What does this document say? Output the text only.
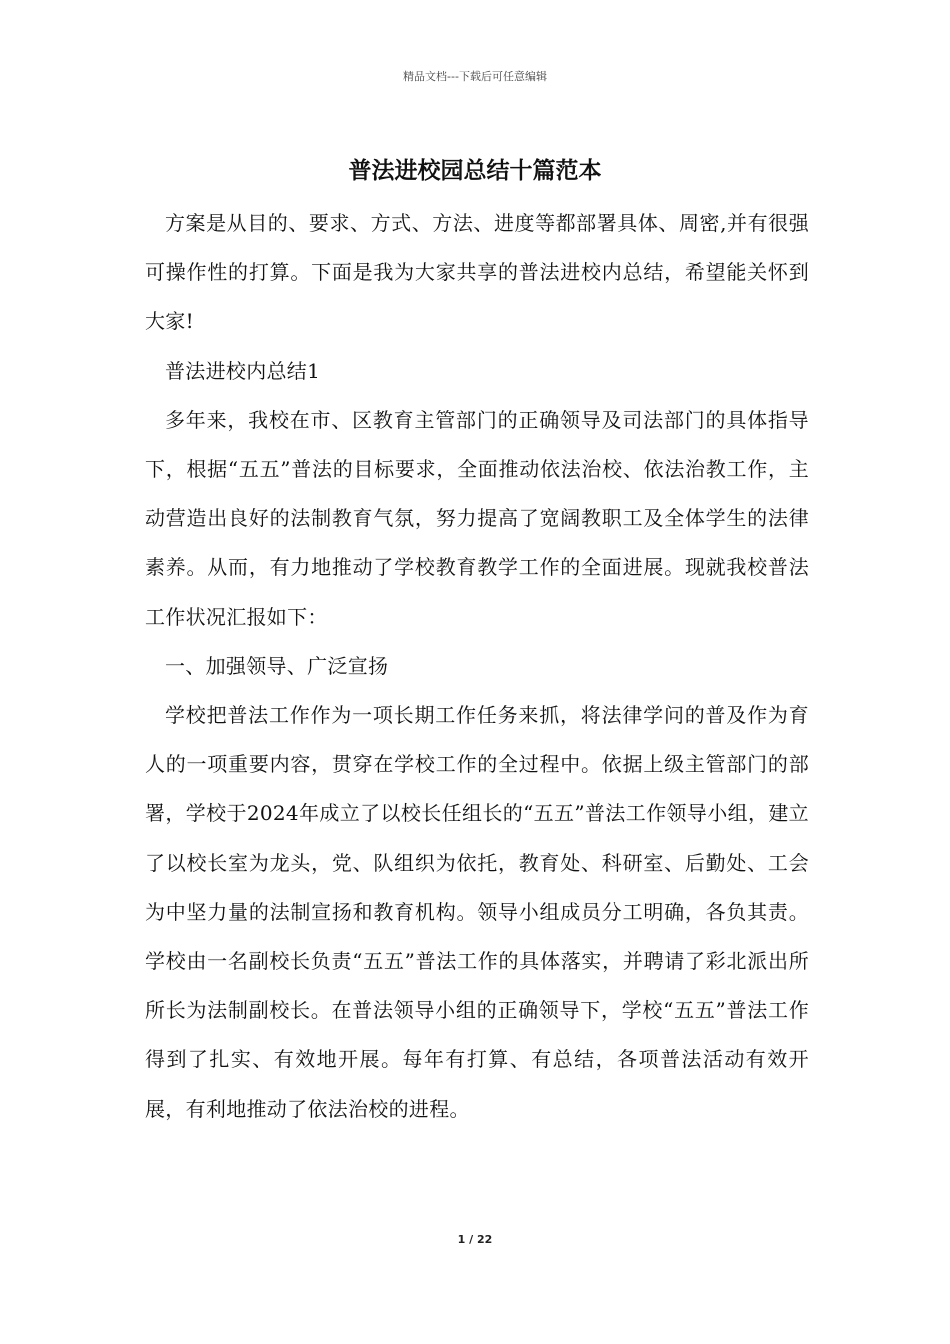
精品文档---下载后可任意编辑
普法进校园总结十篇范本

方案是从目的、要求、方式、方法、进度等都部署具体、周密,并有很强可操作性的打算。下面是我为大家共享的普法进校内总结，希望能关怀到大家!

普法进校内总结1

多年来，我校在市、区教育主管部门的正确领导及司法部门的具体指导下，根据“五五”普法的目标要求，全面推动依法治校、依法治教工作，主动营造出良好的法制教育气氛，努力提高了宽阔教职工及全体学生的法律素养。从而，有力地推动了学校教育教学工作的全面进展。现就我校普法工作状况汇报如下：

一、加强领导、广泛宣扬

学校把普法工作作为一项长期工作任务来抓，将法律学问的普及作为育人的一项重要内容，贯穿在学校工作的全过程中。依据上级主管部门的部署，学校于2024年成立了以校长任组长的“五五”普法工作领导小组，建立了以校长室为龙头，党、队组织为依托，教育处、科研室、后勤处、工会为中坚力量的法制宣扬和教育机构。领导小组成员分工明确，各负其责。学校由一名副校长负责“五五”普法工作的具体落实，并聘请了彩北派出所所长为法制副校长。在普法领导小组的正确领导下，学校“五五”普法工作得到了扎实、有效地开展。每年有打算、有总结，各项普法活动有效开展，有利地推动了依法治校的进程。

1 / 22
